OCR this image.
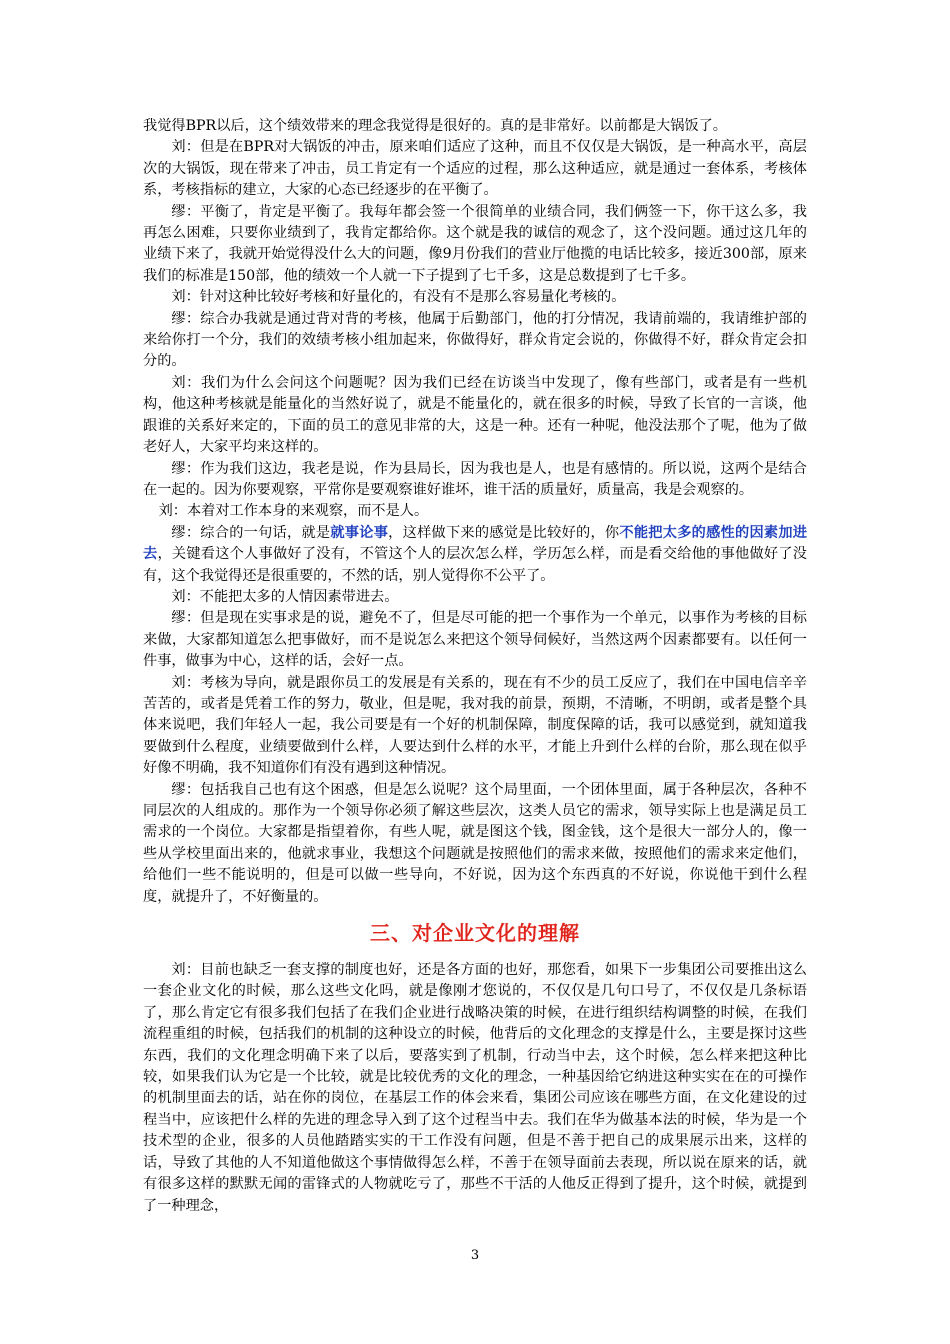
我觉得BPR以后，这个绩效带来的理念我觉得是很好的。真的是非常好。以前都是大锅饭了。

刘：但是在BPR对大锅饭的冲击，原来咱们适应了这种，而且不仅仅是大锅饭，是一种高水平，高层次的大锅饭，现在带来了冲击，员工肯定有一个适应的过程，那么这种适应，就是通过一套体系，考核体系，考核指标的建立，大家的心态已经逐步的在平衡了。

缪：平衡了，肯定是平衡了。我每年都会签一个很简单的业绩合同，我们俩签一下，你干这么多，我再怎么困难，只要你业绩到了，我肯定都给你。这个就是我的诚信的观念了，这个没问题。通过这几年的业绩下来了，我就开始觉得没什么大的问题，像9月份我们的营业厅他揽的电话比较多，接近300部，原来我们的标准是150部，他的绩效一个人就一下子提到了七千多，这是总数提到了七千多。

刘：针对这种比较好考核和好量化的，有没有不是那么容易量化考核的。

缪：综合办我就是通过背对背的考核，他属于后勤部门，他的打分情况，我请前端的，我请维护部的来给你打一个分，我们的效绩考核小组加起来，你做得好，群众肯定会说的，你做得不好，群众肯定会扣分的。

刘：我们为什么会问这个问题呢？因为我们已经在访谈当中发现了，像有些部门，或者是有一些机构，他这种考核就是能量化的当然好说了，就是不能量化的，就在很多的时候，导致了长官的一言谈，他跟谁的关系好来定的，下面的员工的意见非常的大，这是一种。还有一种呢，他没法那个了呢，他为了做老好人，大家平均来这样的。

缪：作为我们这边，我老是说，作为县局长，因为我也是人，也是有感情的。所以说，这两个是结合在一起的。因为你要观察，平常你是要观察谁好谁坏，谁干活的质量好，质量高，我是会观察的。

刘：本着对工作本身的来观察，而不是人。

缪：综合的一句话，就是就事论事，这样做下来的感觉是比较好的，你不能把太多的感性的因素加进去，关键看这个人事做好了没有，不管这个人的层次怎么样，学历怎么样，而是看交给他的事他做好了没有，这个我觉得还是很重要的，不然的话，别人觉得你不公平了。

刘：不能把太多的人情因素带进去。

缪：但是现在实事求是的说，避免不了，但是尽可能的把一个事作为一个单元，以事作为考核的目标来做，大家都知道怎么把事做好，而不是说怎么来把这个领导伺候好，当然这两个因素都要有。以任何一件事，做事为中心，这样的话，会好一点。

刘：考核为导向，就是跟你员工的发展是有关系的，现在有不少的员工反应了，我们在中国电信辛辛苦苦的，或者是凭着工作的努力，敬业，但是呢，我对我的前景，预期，不清晰，不明朗，或者是整个具体来说吧，我们年轻人一起，我公司要是有一个好的机制保障，制度保障的话，我可以感觉到，就知道我要做到什么程度，业绩要做到什么样，人要达到什么样的水平，才能上升到什么样的台阶，那么现在似乎好像不明确，我不知道你们有没有遇到这种情况。

缪：包括我自己也有这个困惑，但是怎么说呢？这个局里面，一个团体里面，属于各种层次，各种不同层次的人组成的。那作为一个领导你必须了解这些层次，这类人员它的需求，领导实际上也是满足员工需求的一个岗位。大家都是指望着你，有些人呢，就是图这个钱，图金钱，这个是很大一部分人的，像一些从学校里面出来的，他就求事业，我想这个问题就是按照他们的需求来做，按照他们的需求来定他们，给他们一些不能说明的，但是可以做一些导向，不好说，因为这个东西真的不好说，你说他干到什么程度，就提升了，不好衡量的。

三、对企业文化的理解

刘：目前也缺乏一套支撑的制度也好，还是各方面的也好，那您看，如果下一步集团公司要推出这么一套企业文化的时候，那么这些文化吗，就是像刚才您说的，不仅仅是几句口号了，不仅仅是几条标语了，那么肯定它有很多我们包括了在我们企业进行战略决策的时候，在进行组织结构调整的时候，在我们流程重组的时候，包括我们的机制的这种设立的时候，他背后的文化理念的支撑是什么，主要是探讨这些东西，我们的文化理念明确下来了以后，要落实到了机制，行动当中去，这个时候，怎么样来把这种比较，如果我们认为它是一个比较，就是比较优秀的文化的理念，一种基因给它纳进这种实实在在的可操作的机制里面去的话，站在你的岗位，在基层工作的体会来看，集团公司应该在哪些方面，在文化建设的过程当中，应该把什么样的先进的理念导入到了这个过程当中去。我们在华为做基本法的时候，华为是一个技术型的企业，很多的人员他踏踏实实的干工作没有问题，但是不善于把自己的成果展示出来，这样的话，导致了其他的人不知道他做这个事情做得怎么样，不善于在领导面前去表现，所以说在原来的话，就有很多这样的默默无闻的雷锋式的人物就吃亏了，那些不干活的人他反正得到了提升，这个时候，就提到了一种理念，

3
